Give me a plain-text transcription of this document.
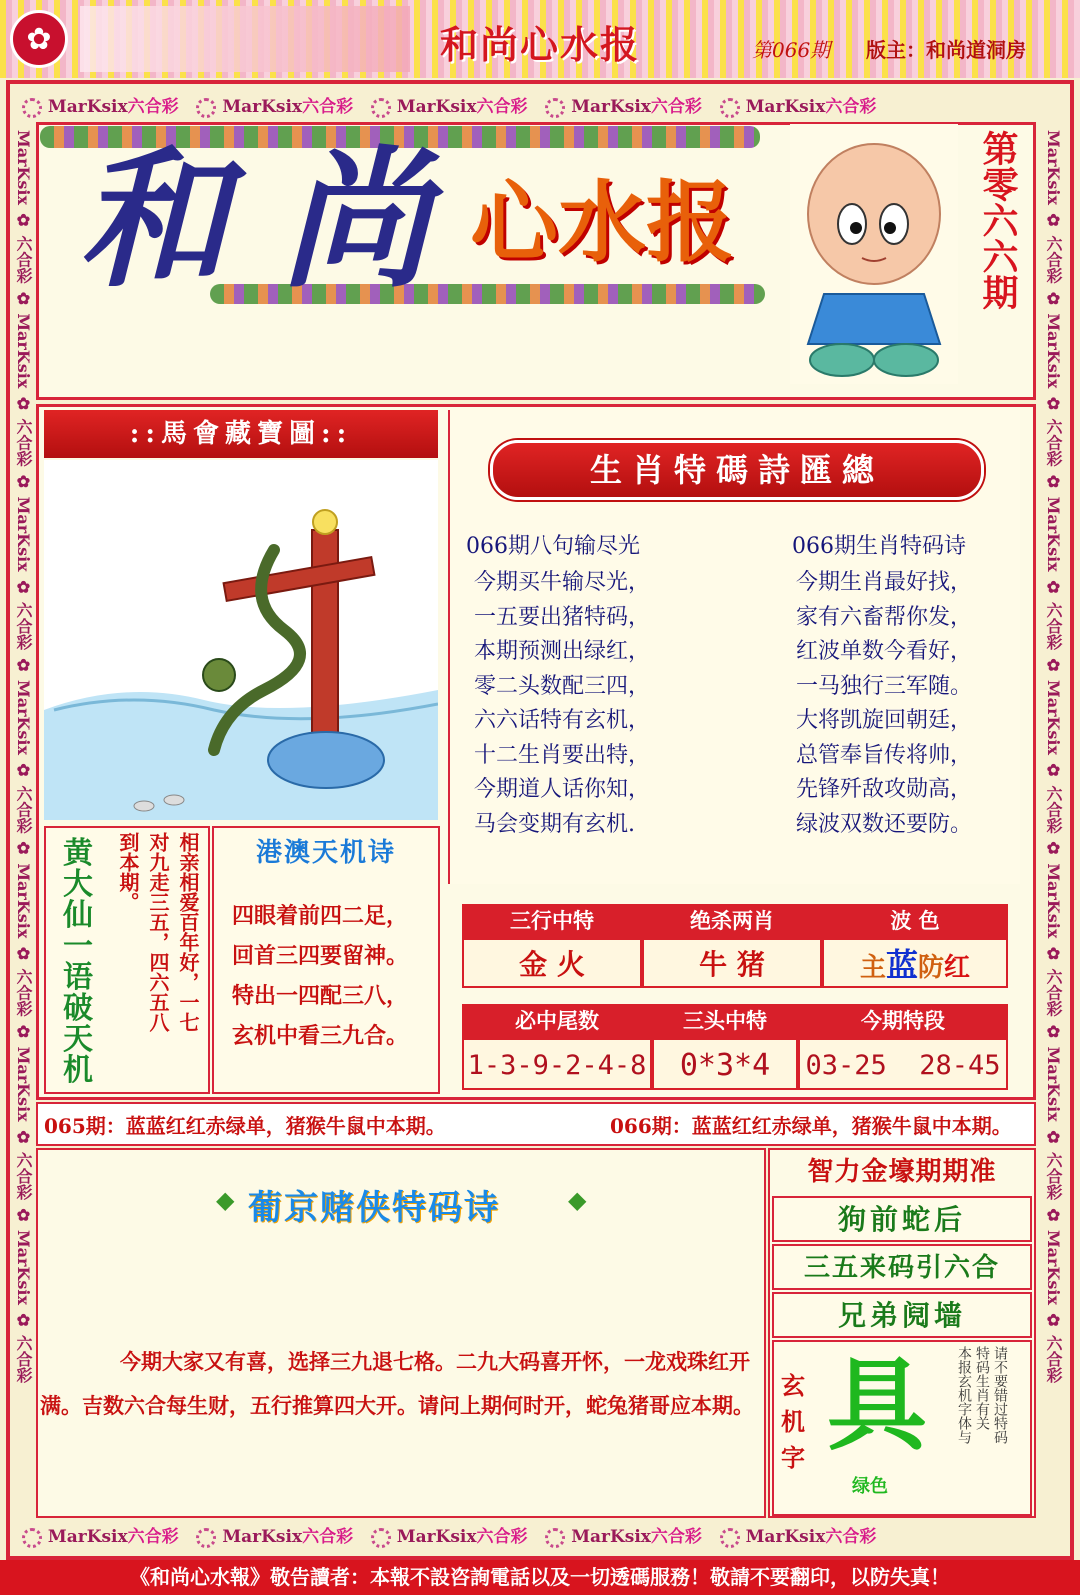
✿	和尚心水报	第066期 版主：和尚道洞房
MarKsix六合彩	MarKsix六合彩	MarKsix六合彩	MarKsix六合彩	MarKsix六合彩
MarKsix ✿ 六合彩 ✿ MarKsix ✿ 六合彩 ✿ MarKsix ✿ 六合彩 ✿ MarKsix ✿ 六合彩 ✿ MarKsix ✿ 六合彩 ✿ MarKsix ✿ 六合彩 ✿ MarKsix ✿ 六合彩
MarKsix ✿ 六合彩 ✿ MarKsix ✿ 六合彩 ✿ MarKsix ✿ 六合彩 ✿ MarKsix ✿ 六合彩 ✿ MarKsix ✿ 六合彩 ✿ MarKsix ✿ 六合彩 ✿ MarKsix ✿ 六合彩
和 尚 心水报	第零六六期
::馬會藏寶圖::
生肖特碼詩匯總
066期八句输尽光
今期买牛输尽光，
一五要出猪特码，
本期预测出绿红，
零二头数配三四，
六六话特有玄机，
十二生肖要出特，
今期道人话你知，
马会变期有玄机.
066期生肖特码诗
今期生肖最好找，
家有六畜帮你发，
红波单数今看好，
一马独行三军随。
大将凯旋回朝廷，
总管奉旨传将帅，
先锋歼敌攻勋高，
绿波双数还要防。
黄大仙一语破天机
相亲相爱百年好，一七
对九走三五，四六五八
到本期。	港澳天机诗
四眼着前四二足，
回首三四要留神。
特出一四配三八，
玄机中看三九合。
三行中特	绝杀两肖	波 色
金 火	牛 猪	主蓝防红
必中尾数	三头中特	今期特段
1-3-9-2-4-8	0*3*4	03-25  28-45
065期：蓝蓝红红赤绿单，猪猴牛鼠中本期。	066期：蓝蓝红红赤绿单，猪猴牛鼠中本期。
◆ 葡京赌侠特码诗	◆
今期大家又有喜，选择三九退七格。二九大码喜开怀，一龙戏珠红开满。吉数六合每生财，五行推算四大开。请问上期何时开，蛇兔猪哥应本期。
智力金壕期期准
狗前蛇后
三五来码引六合
兄弟阋墙
玄机字 具
绿色
请不要错过特码
特码生肖有关
本报玄机字体与
MarKsix六合彩	MarKsix六合彩	MarKsix六合彩	MarKsix六合彩	MarKsix六合彩
《和尚心水報》敬告讀者：本報不設咨詢電話以及一切透碼服務！敬請不要翻印，以防失真！
